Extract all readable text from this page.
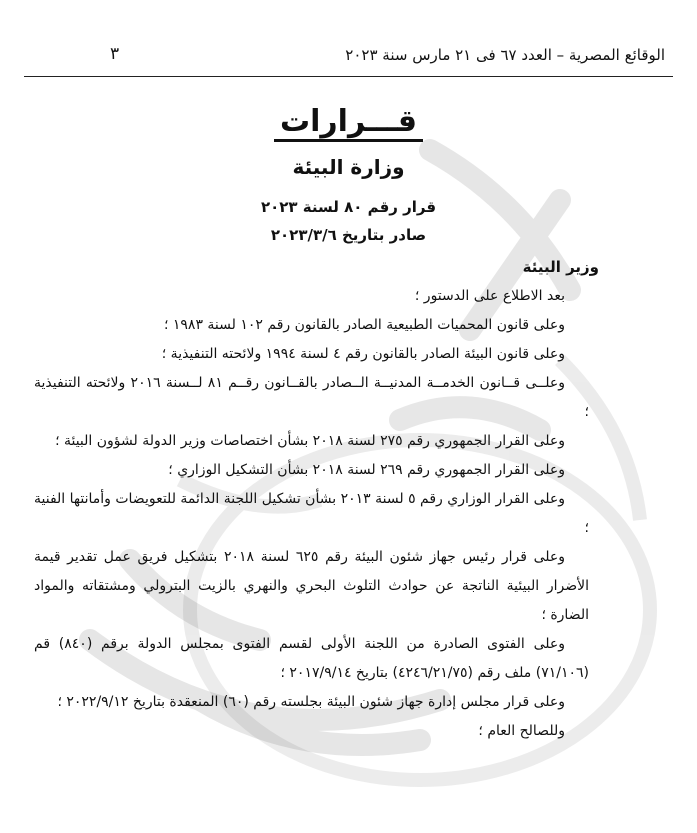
الوقائع المصرية – العدد ٦٧ فى ٢١ مارس سنة ٢٠٢٣
٣
قـــرارات
وزارة البيئة
قرار رقم ٨٠ لسنة ٢٠٢٣
صادر بتاريخ ٢٠٢٣/٣/٦

وزير البيئة

بعد الاطلاع على الدستور ؛

وعلى قانون المحميات الطبيعية الصادر بالقانون رقم ١٠٢ لسنة ١٩٨٣ ؛

وعلى قانون البيئة الصادر بالقانون رقم ٤ لسنة ١٩٩٤ ولائحته التنفيذية ؛

وعلــى قــانون الخدمــة المدنيــة الــصادر بالقــانون رقــم ٨١ لــسنة ٢٠١٦ ولائحته التنفيذية ؛

وعلى القرار الجمهوري رقم ٢٧٥ لسنة ٢٠١٨ بشأن اختصاصات وزير الدولة لشؤون البيئة ؛

وعلى القرار الجمهوري رقم ٢٦٩ لسنة ٢٠١٨ بشأن التشكيل الوزاري ؛

وعلى القرار الوزاري رقم ٥ لسنة ٢٠١٣ بشأن تشكيل اللجنة الدائمة للتعويضات وأمانتها الفنية ؛

وعلى قرار رئيس جهاز شئون البيئة رقم ٦٢٥ لسنة ٢٠١٨ بتشكيل فريق عمل تقدير قيمة الأضرار البيئية الناتجة عن حوادث التلوث البحري والنهري بالزيت البترولي ومشتقاته والمواد الضارة ؛

وعلى الفتوى الصادرة من اللجنة الأولى لقسم الفتوى بمجلس الدولة برقم (٨٤٠) قم (٧١/١٠٦) ملف رقم (٤٢٤٦/٢١/٧٥) بتاريخ ٢٠١٧/٩/١٤ ؛

وعلى قرار مجلس إدارة جهاز شئون البيئة بجلسته رقم (٦٠) المنعقدة بتاريخ ٢٠٢٢/٩/١٢ ؛

وللصالح العام ؛
